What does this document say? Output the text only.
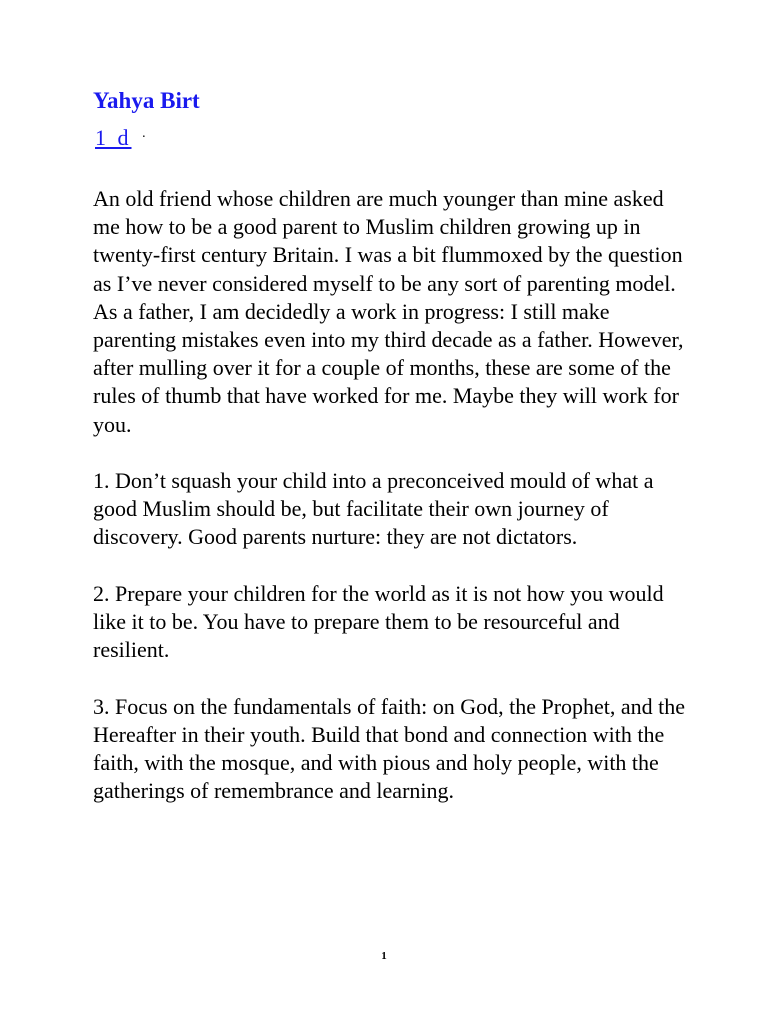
Yahya Birt
1 d ·

An old friend whose children are much younger than mine asked me how to be a good parent to Muslim children growing up in twenty-first century Britain. I was a bit flummoxed by the question as I’ve never considered myself to be any sort of parenting model. As a father, I am decidedly a work in progress: I still make parenting mistakes even into my third decade as a father. However, after mulling over it for a couple of months, these are some of the rules of thumb that have worked for me. Maybe they will work for you.

1. Don’t squash your child into a preconceived mould of what a good Muslim should be, but facilitate their own journey of discovery. Good parents nurture: they are not dictators.

2. Prepare your children for the world as it is not how you would like it to be. You have to prepare them to be resourceful and resilient.

3. Focus on the fundamentals of faith: on God, the Prophet, and the Hereafter in their youth. Build that bond and connection with the faith, with the mosque, and with pious and holy people, with the gatherings of remembrance and learning.

1
